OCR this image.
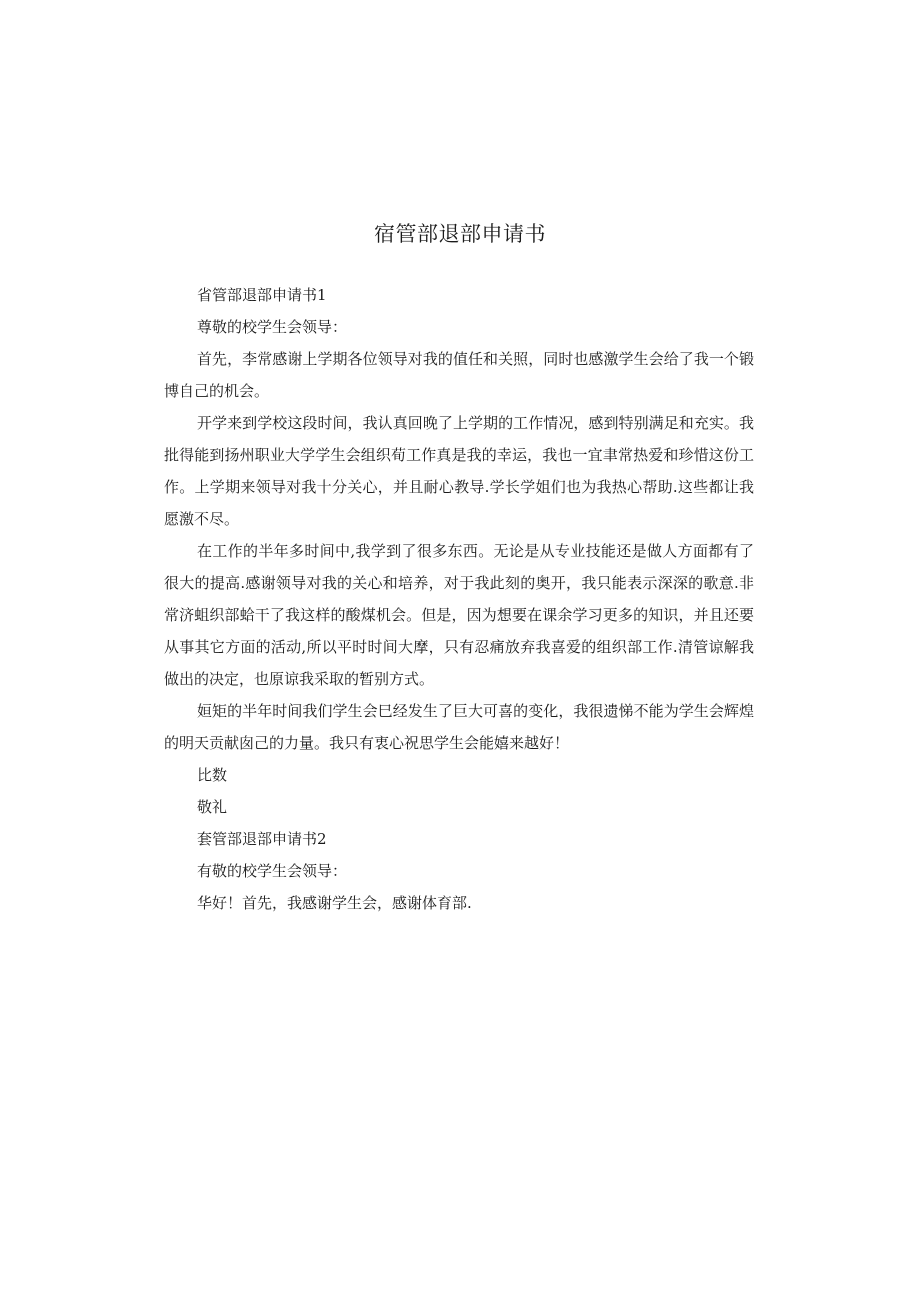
宿管部退部申请书

省管部退部申请书1

尊敬的校学生会领导：

首先，李常感谢上学期各位领导对我的值任和关照，同时也感激学生会给了我一个锻博自己的机会。

开学来到学校这段时间，我认真回晚了上学期的工作情况，感到特别满足和充实。我批得能到扬州职业大学学生会组织荀工作真是我的幸运，我也一宜聿常热爱和珍惜这份工作。上学期来领导对我十分关心，并且耐心教导.学长学姐们也为我热心帮助.这些都让我愿激不尽。

在工作的半年多时间中,我学到了很多东西。无论是从专业技能还是做人方面都有了很大的提高.感谢领导对我的关心和培养，对于我此刻的奥开，我只能表示深深的歌意.非常济蛆织部蛤干了我这样的酸煤机会。但是，因为想要在课余学习更多的知识，并且还要从事其它方面的活动,所以平时时间大摩，只有忍痛放弃我喜爱的组织部工作.清管谅解我做出的决定，也原谅我采取的暂别方式。

姮矩的半年时间我们学生会巳经发生了巨大可喜的变化，我很遗悌不能为学生会辉煌的明天贡献囱己的力量。我只有衷心祝思学生会能嬉来越好！

比数

敬礼

套管部退部申请书2

有敬的校学生会领导：

华好！首先，我感谢学生会，感谢体育部.
